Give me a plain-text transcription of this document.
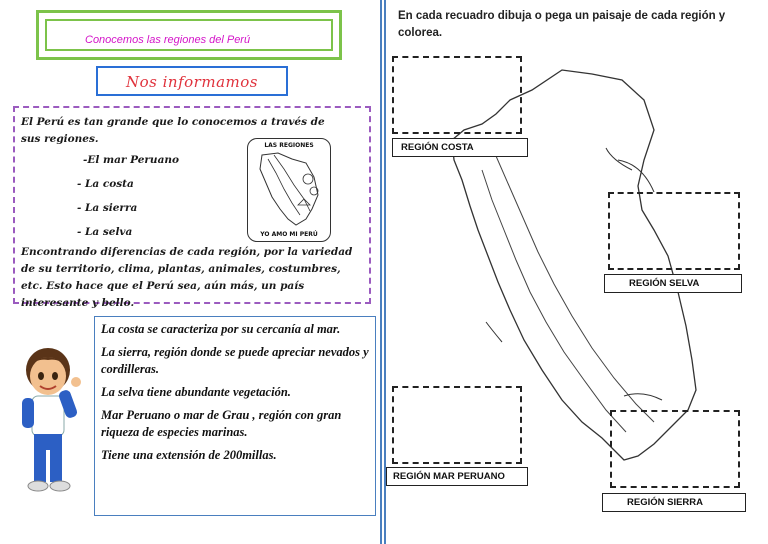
Conocemos las regiones del Perú
Nos informamos
El Perú es tan grande que lo conocemos a través de sus regiones.
-El mar Peruano
- La costa
- La sierra
- La selva
LAS REGIONES
YO AMO MI PERÚ
Encontrando diferencias de cada región, por la variedad de su territorio, clima, plantas, animales, costumbres, etc. Esto hace que el Perú sea, aún más, un país interesante y bello.

La costa se caracteriza por su cercanía al mar.

La sierra, región donde se puede apreciar nevados y cordilleras.

La selva tiene abundante vegetación.

Mar Peruano o mar de Grau , región con gran riqueza de especies marinas.

Tiene una extensión de 200millas.

En cada recuadro dibuja o pega un paisaje de cada región y colorea.
REGIÓN COSTA
REGIÓN SELVA
REGIÓN MAR PERUANO
REGIÓN SIERRA
